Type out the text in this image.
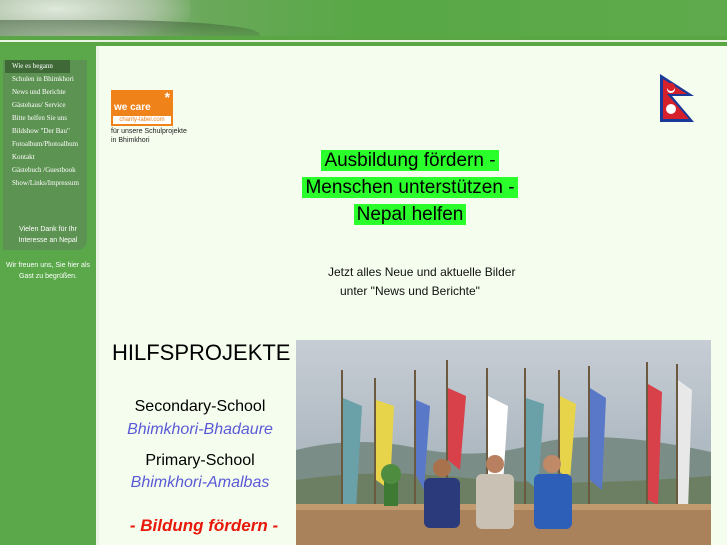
Wie es begann
Schulen in Bhimkhori
News und Berichte
Gästehaus/ Service
Bitte helfen Sie uns
Bildshow "Der Bau"
Fotoalbum/Photoalbum
Kontakt
Gästebuch /Guestbook
Show/Links/Impressum
Vielen Dank für Ihr
Interesse an Nepal
Wir freuen uns, Sie hier als
Gast zu begrüßen.
*
we care
charity-label.com
für unsere Schulprojekte
in Bhimkhori
Ausbildung fördern -
Menschen unterstützen -
Nepal helfen
Jetzt alles Neue und aktuelle Bilder
unter "News und Berichte"
HILFSPROJEKTE
Secondary-School
Bhimkhori-Bhadaure
Primary-School
Bhimkhori-Amalbas
- Bildung fördern -
